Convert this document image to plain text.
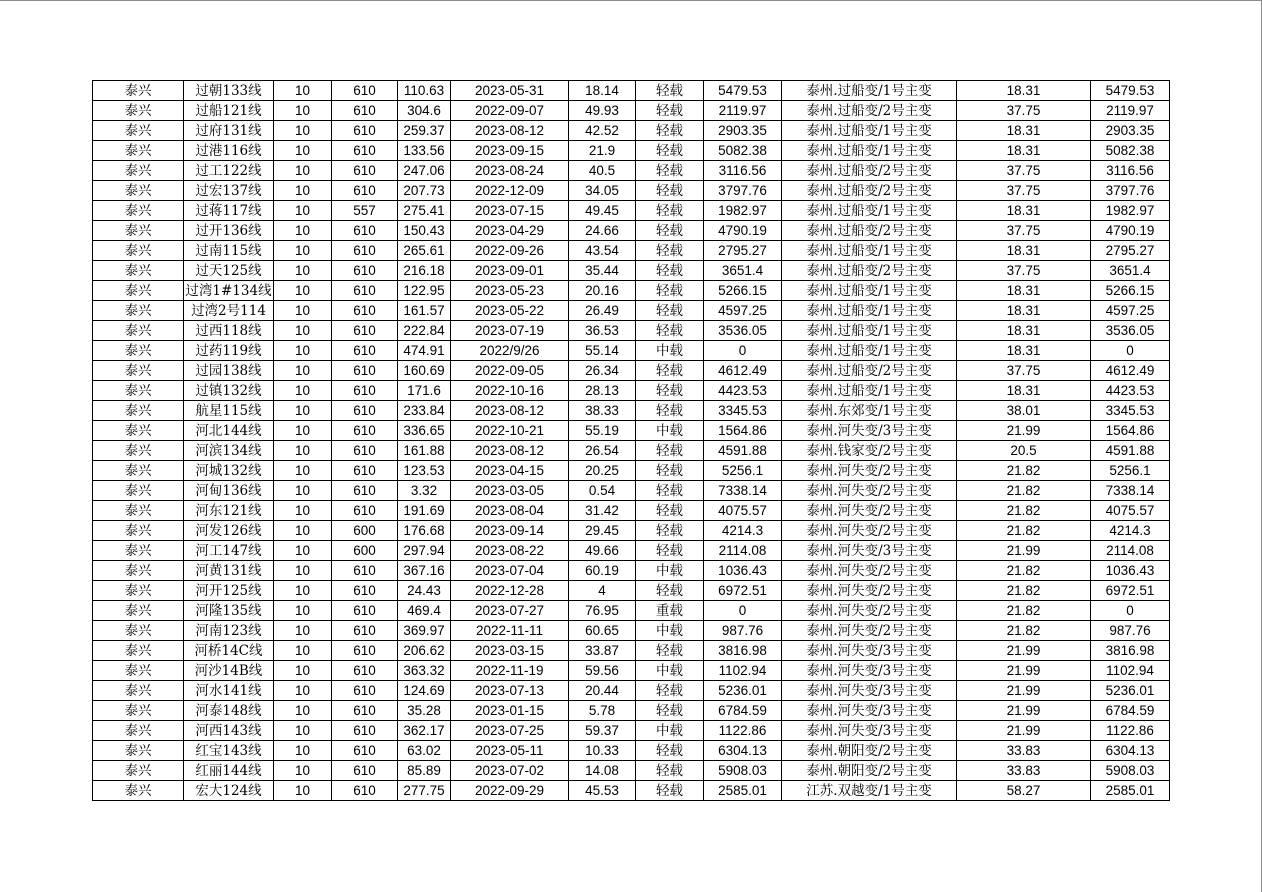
泰兴	过朝133线	10	610	110.63	2023-05-31	18.14	轻载	5479.53	泰州.过船变/1号主变	18.31	5479.53
泰兴	过船121线	10	610	304.6	2022-09-07	49.93	轻载	2119.97	泰州.过船变/2号主变	37.75	2119.97
泰兴	过府131线	10	610	259.37	2023-08-12	42.52	轻载	2903.35	泰州.过船变/1号主变	18.31	2903.35
泰兴	过港116线	10	610	133.56	2023-09-15	21.9	轻载	5082.38	泰州.过船变/1号主变	18.31	5082.38
泰兴	过工122线	10	610	247.06	2023-08-24	40.5	轻载	3116.56	泰州.过船变/2号主变	37.75	3116.56
泰兴	过宏137线	10	610	207.73	2022-12-09	34.05	轻载	3797.76	泰州.过船变/2号主变	37.75	3797.76
泰兴	过蒋117线	10	557	275.41	2023-07-15	49.45	轻载	1982.97	泰州.过船变/1号主变	18.31	1982.97
泰兴	过开136线	10	610	150.43	2023-04-29	24.66	轻载	4790.19	泰州.过船变/2号主变	37.75	4790.19
泰兴	过南115线	10	610	265.61	2022-09-26	43.54	轻载	2795.27	泰州.过船变/1号主变	18.31	2795.27
泰兴	过天125线	10	610	216.18	2023-09-01	35.44	轻载	3651.4	泰州.过船变/2号主变	37.75	3651.4
泰兴	过湾1#134线	10	610	122.95	2023-05-23	20.16	轻载	5266.15	泰州.过船变/1号主变	18.31	5266.15
泰兴	过湾2号114	10	610	161.57	2023-05-22	26.49	轻载	4597.25	泰州.过船变/1号主变	18.31	4597.25
泰兴	过西118线	10	610	222.84	2023-07-19	36.53	轻载	3536.05	泰州.过船变/1号主变	18.31	3536.05
泰兴	过药119线	10	610	474.91	2022/9/26	55.14	中载	0	泰州.过船变/1号主变	18.31	0
泰兴	过园138线	10	610	160.69	2022-09-05	26.34	轻载	4612.49	泰州.过船变/2号主变	37.75	4612.49
泰兴	过镇132线	10	610	171.6	2022-10-16	28.13	轻载	4423.53	泰州.过船变/1号主变	18.31	4423.53
泰兴	航星115线	10	610	233.84	2023-08-12	38.33	轻载	3345.53	泰州.东郊变/1号主变	38.01	3345.53
泰兴	河北144线	10	610	336.65	2022-10-21	55.19	中载	1564.86	泰州.河失变/3号主变	21.99	1564.86
泰兴	河滨134线	10	610	161.88	2023-08-12	26.54	轻载	4591.88	泰州.钱家变/2号主变	20.5	4591.88
泰兴	河城132线	10	610	123.53	2023-04-15	20.25	轻载	5256.1	泰州.河失变/2号主变	21.82	5256.1
泰兴	河甸136线	10	610	3.32	2023-03-05	0.54	轻载	7338.14	泰州.河失变/2号主变	21.82	7338.14
泰兴	河东121线	10	610	191.69	2023-08-04	31.42	轻载	4075.57	泰州.河失变/2号主变	21.82	4075.57
泰兴	河发126线	10	600	176.68	2023-09-14	29.45	轻载	4214.3	泰州.河失变/2号主变	21.82	4214.3
泰兴	河工147线	10	600	297.94	2023-08-22	49.66	轻载	2114.08	泰州.河失变/3号主变	21.99	2114.08
泰兴	河黄131线	10	610	367.16	2023-07-04	60.19	中载	1036.43	泰州.河失变/2号主变	21.82	1036.43
泰兴	河开125线	10	610	24.43	2022-12-28	4	轻载	6972.51	泰州.河失变/2号主变	21.82	6972.51
泰兴	河隆135线	10	610	469.4	2023-07-27	76.95	重载	0	泰州.河失变/2号主变	21.82	0
泰兴	河南123线	10	610	369.97	2022-11-11	60.65	中载	987.76	泰州.河失变/2号主变	21.82	987.76
泰兴	河桥14C线	10	610	206.62	2023-03-15	33.87	轻载	3816.98	泰州.河失变/3号主变	21.99	3816.98
泰兴	河沙14B线	10	610	363.32	2022-11-19	59.56	中载	1102.94	泰州.河失变/3号主变	21.99	1102.94
泰兴	河水141线	10	610	124.69	2023-07-13	20.44	轻载	5236.01	泰州.河失变/3号主变	21.99	5236.01
泰兴	河泰148线	10	610	35.28	2023-01-15	5.78	轻载	6784.59	泰州.河失变/3号主变	21.99	6784.59
泰兴	河西143线	10	610	362.17	2023-07-25	59.37	中载	1122.86	泰州.河失变/3号主变	21.99	1122.86
泰兴	红宝143线	10	610	63.02	2023-05-11	10.33	轻载	6304.13	泰州.朝阳变/2号主变	33.83	6304.13
泰兴	红丽144线	10	610	85.89	2023-07-02	14.08	轻载	5908.03	泰州.朝阳变/2号主变	33.83	5908.03
泰兴	宏大124线	10	610	277.75	2022-09-29	45.53	轻载	2585.01	江苏.双越变/1号主变	58.27	2585.01
